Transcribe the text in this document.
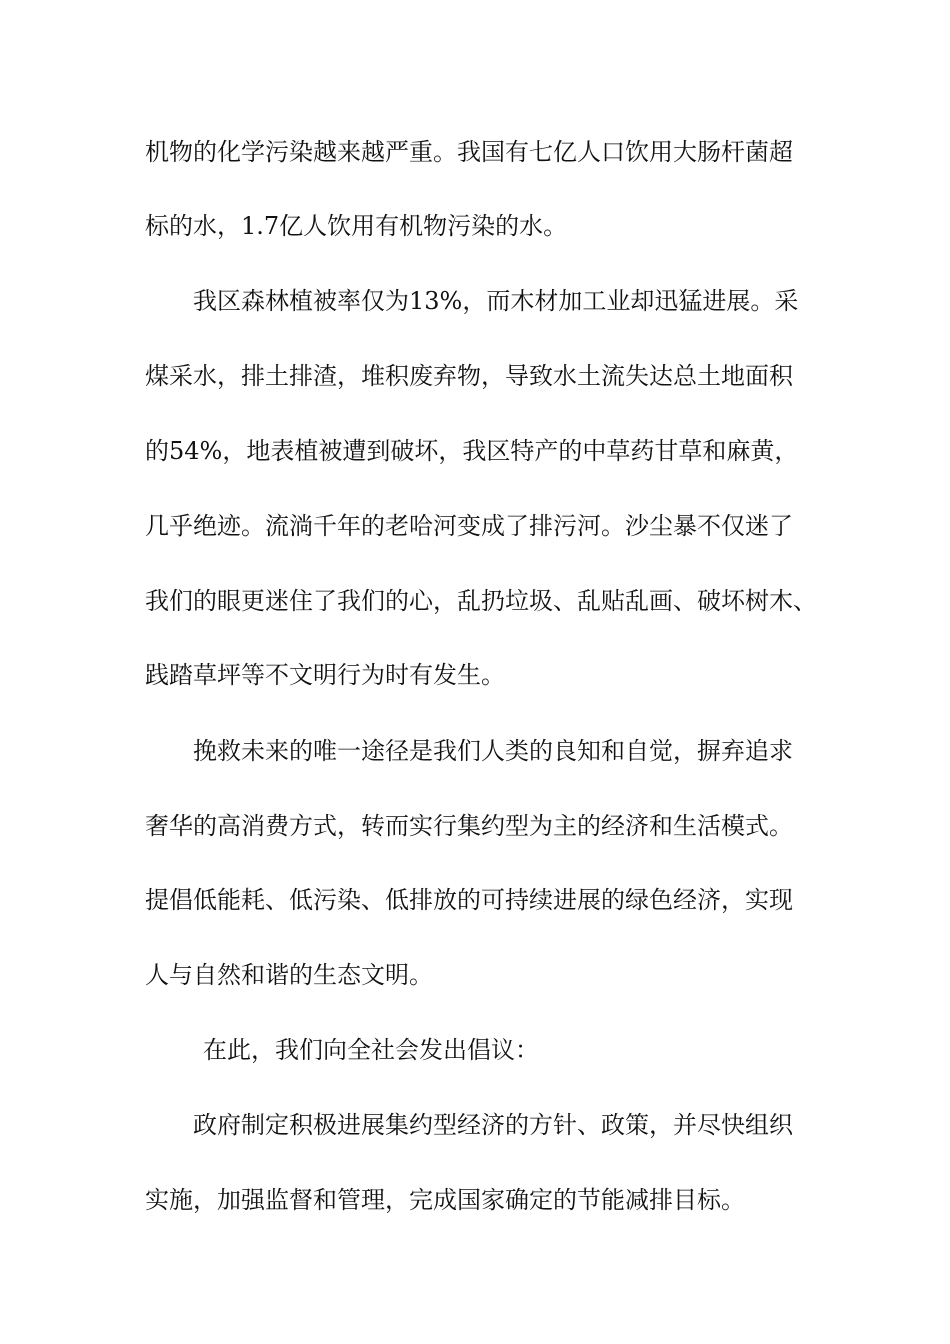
机物的化学污染越来越严重。我国有七亿人口饮用大肠杆菌超

标的水，1.7亿人饮用有机物污染的水。

我区森林植被率仅为13%，而木材加工业却迅猛进展。采

煤采水，排土排渣，堆积废弃物，导致水土流失达总土地面积

的54%，地表植被遭到破坏，我区特产的中草药甘草和麻黄，

几乎绝迹。流淌千年的老哈河变成了排污河。沙尘暴不仅迷了

我们的眼更迷住了我们的心，乱扔垃圾、乱贴乱画、破坏树木、

践踏草坪等不文明行为时有发生。

挽救未来的唯一途径是我们人类的良知和自觉，摒弃追求

奢华的高消费方式，转而实行集约型为主的经济和生活模式。

提倡低能耗、低污染、低排放的可持续进展的绿色经济，实现

人与自然和谐的生态文明。

在此，我们向全社会发出倡议：

政府制定积极进展集约型经济的方针、政策，并尽快组织

实施，加强监督和管理，完成国家确定的节能减排目标。
